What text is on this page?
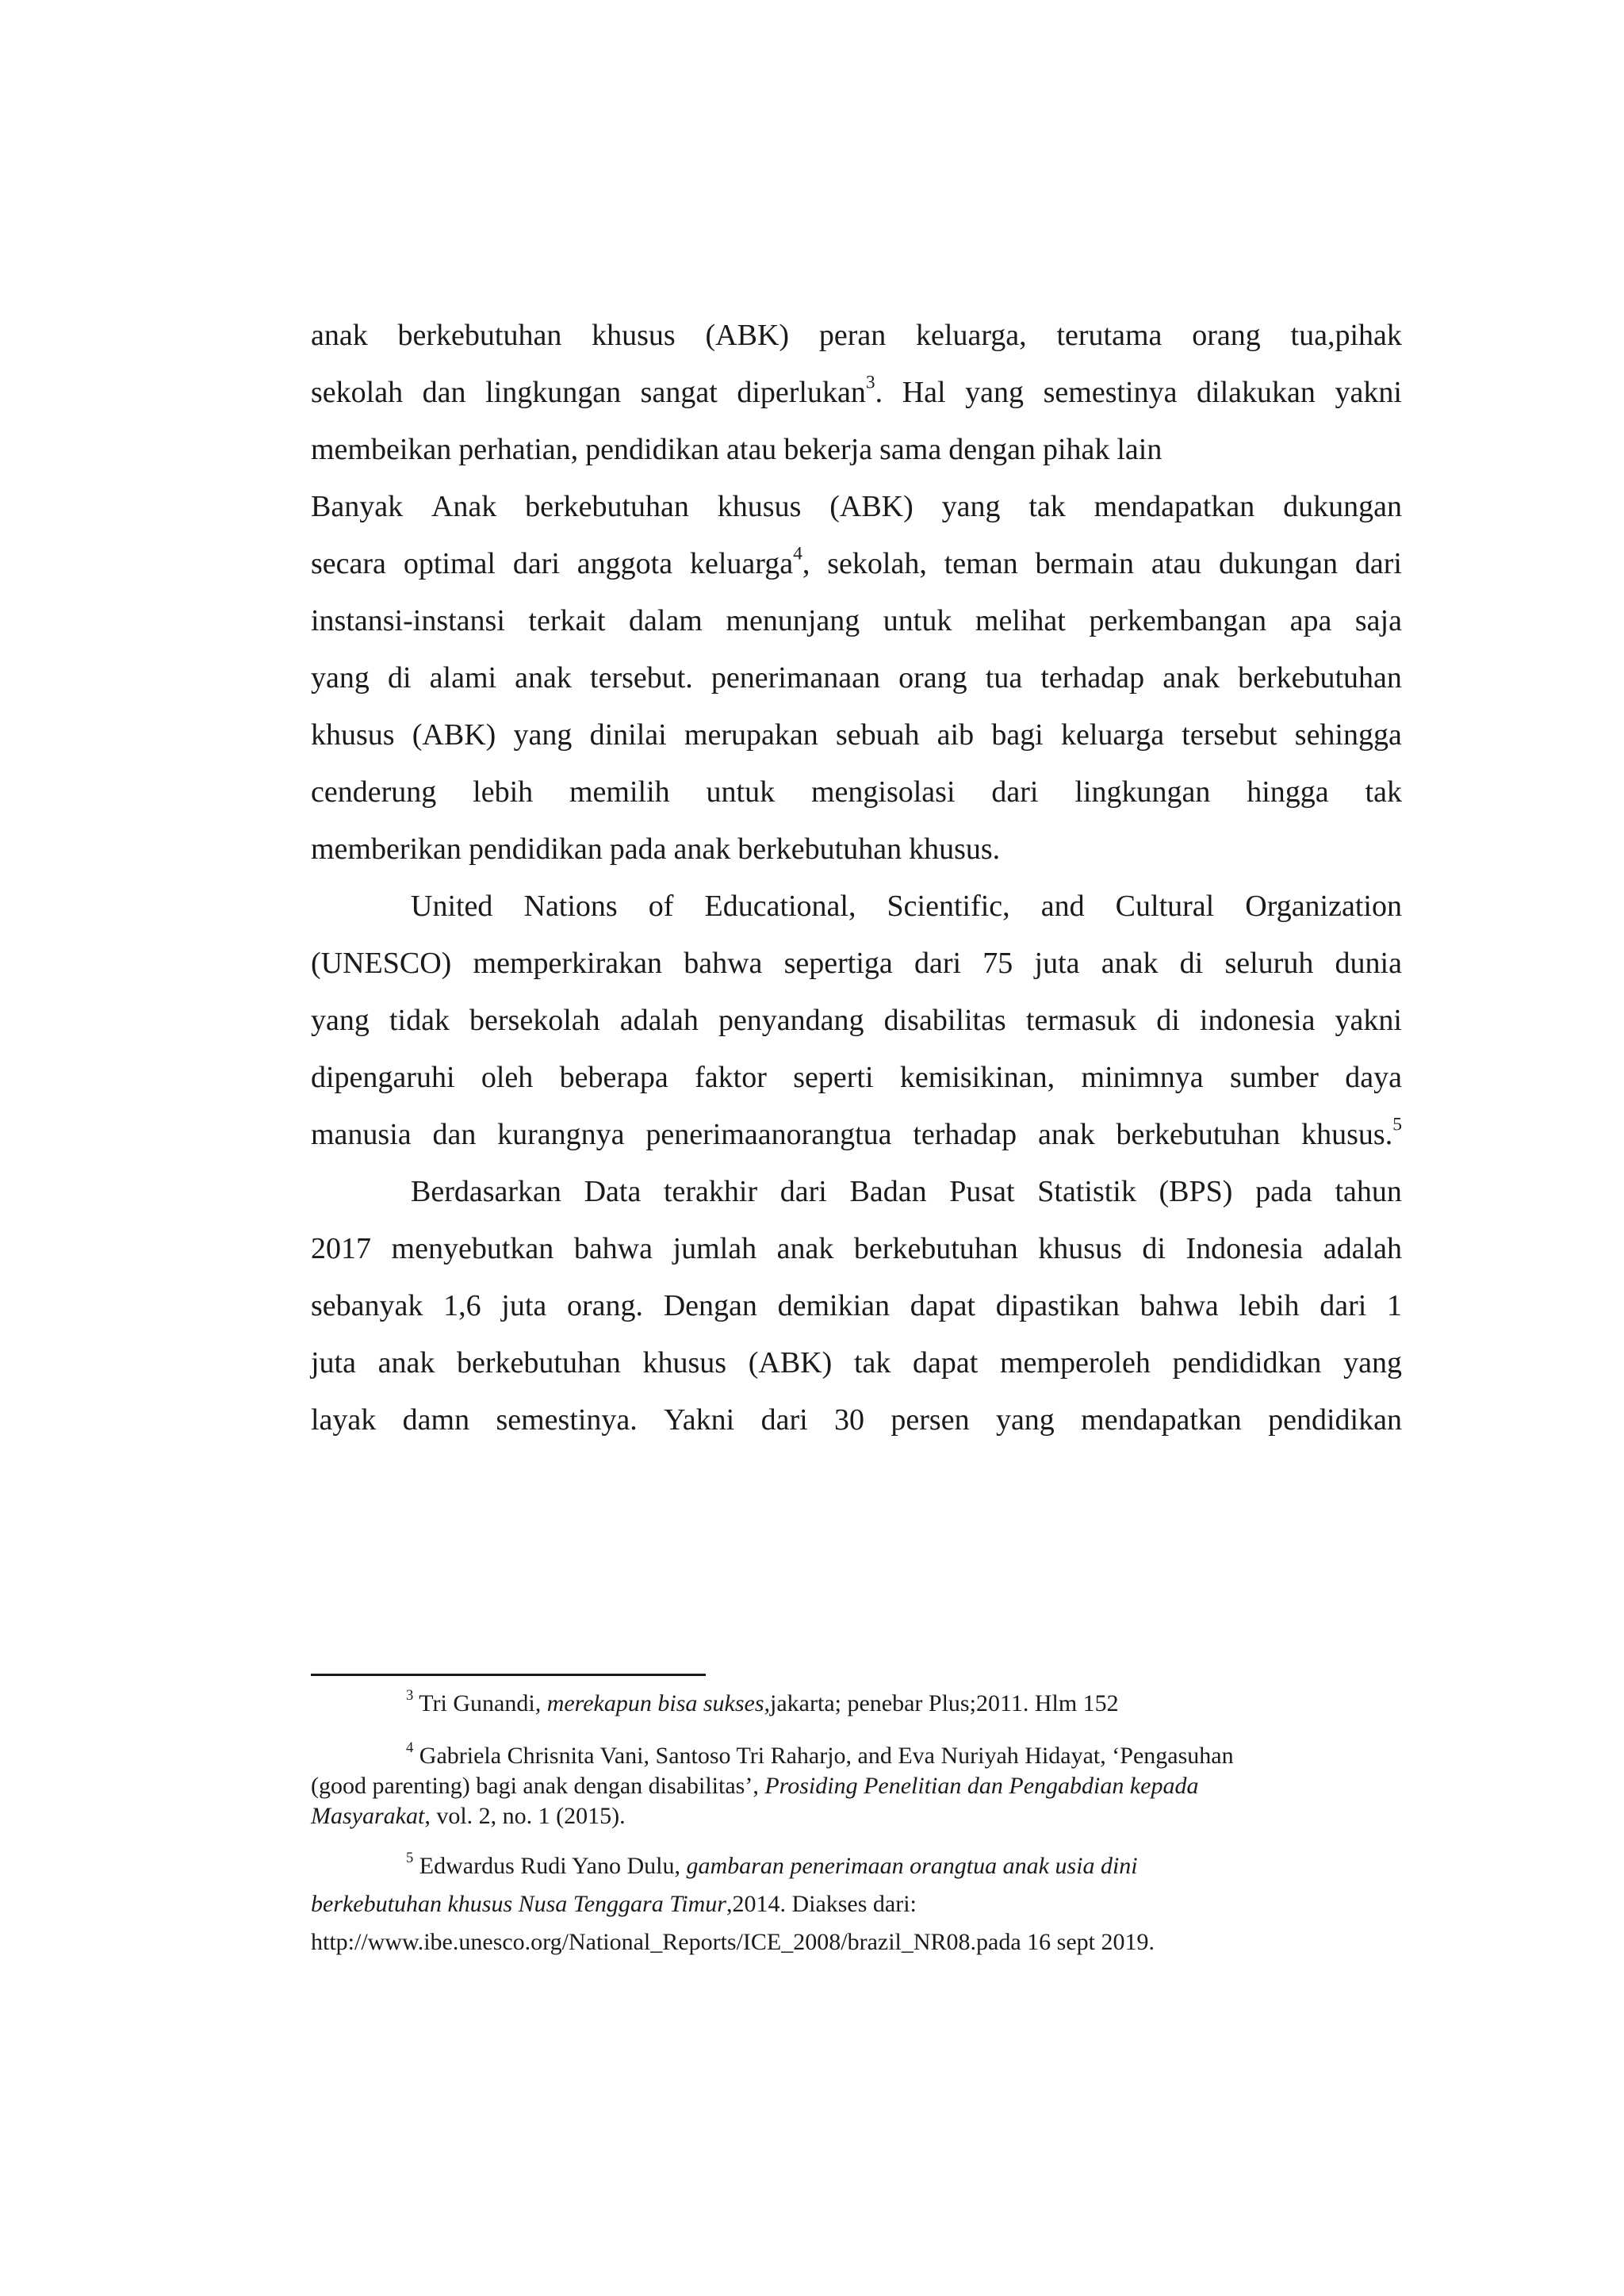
anak berkebutuhan khusus (ABK) peran keluarga, terutama orang tua,pihak
sekolah dan lingkungan sangat diperlukan$^3$. Hal yang semestinya dilakukan yakni
membeikan perhatian, pendidikan atau bekerja sama dengan pihak lain
Banyak Anak berkebutuhan khusus (ABK) yang tak mendapatkan dukungan
secara optimal dari anggota keluarga$^4$, sekolah, teman bermain atau dukungan dari
instansi-instansi terkait dalam menunjang untuk melihat perkembangan apa saja
yang di alami anak tersebut. penerimanaan orang tua terhadap anak berkebutuhan
khusus (ABK) yang dinilai merupakan sebuah aib bagi keluarga tersebut sehingga
cenderung lebih memilih untuk mengisolasi dari lingkungan hingga tak
memberikan pendidikan pada anak berkebutuhan khusus.
United Nations of Educational, Scientific, and Cultural Organization
(UNESCO) memperkirakan bahwa sepertiga dari 75 juta anak di seluruh dunia
yang tidak bersekolah adalah penyandang disabilitas termasuk di indonesia yakni
dipengaruhi oleh beberapa faktor seperti kemisikinan, minimnya sumber daya
manusia dan kurangnya penerimaanorangtua terhadap anak berkebutuhan khusus.$^5$
Berdasarkan Data terakhir dari Badan Pusat Statistik (BPS) pada tahun
2017 menyebutkan bahwa jumlah anak berkebutuhan khusus di Indonesia adalah
sebanyak 1,6 juta orang. Dengan demikian dapat dipastikan bahwa lebih dari 1
juta anak berkebutuhan khusus (ABK) tak dapat memperoleh pendididkan yang
layak damn semestinya. Yakni dari 30 persen yang mendapatkan pendidikan
$^3$ Tri Gunandi, merekapun bisa sukses,jakarta; penebar Plus;2011. Hlm 152
$^4$ Gabriela Chrisnita Vani, Santoso Tri Raharjo, and Eva Nuriyah Hidayat, ‘Pengasuhan
(good parenting) bagi anak dengan disabilitas’, Prosiding Penelitian dan Pengabdian kepada
Masyarakat, vol. 2, no. 1 (2015).
$^5$ Edwardus Rudi Yano Dulu, gambaran penerimaan orangtua anak usia dini
berkebutuhan khusus Nusa Tenggara Timur,2014. Diakses dari:
http://www.ibe.unesco.org/National_Reports/ICE_2008/brazil_NR08.pada 16 sept 2019.
